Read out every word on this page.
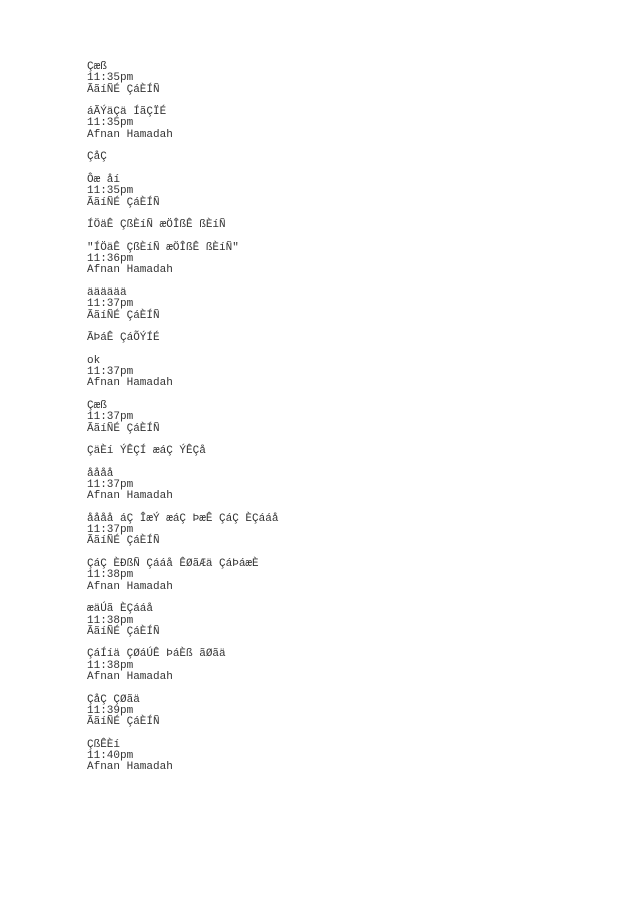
Çæß
11:35pm
ÃãíÑÉ ÇáÈÍÑ
áÃÝäÇä ÍãÇÏÉ
11:35pm
Afnan Hamadah
ÇåÇ
Ôæ åí
11:35pm
ÃãíÑÉ ÇáÈÍÑ
ÍÖäÊ ÇßÈíÑ æÖÎßÊ ßÈíÑ
"ÍÖäÊ ÇßÈíÑ æÖÎßÊ ßÈíÑ"
11:36pm
Afnan Hamadah
ääääää
11:37pm
ÃãíÑÉ ÇáÈÍÑ
ÃÞáÊ ÇáÕÝÍÉ
ok
11:37pm
Afnan Hamadah
Çæß
11:37pm
ÃãíÑÉ ÇáÈÍÑ
ÇäÈí ÝÊÇÍ æáÇ ÝÊÇå
åååå
11:37pm
Afnan Hamadah
åååå áÇ ÎæÝ æáÇ ÞæÊ ÇáÇ ÈÇááå
11:37pm
ÃãíÑÉ ÇáÈÍÑ
ÇáÇ ÈÐßÑ Çááå ÊØãÆä ÇáÞáæÈ
11:38pm
Afnan Hamadah
æäÚã ÈÇááå
11:38pm
ÃãíÑÉ ÇáÈÍÑ
ÇáÍíä ÇØáÚÊ ÞáÈß ãØãä
11:38pm
Afnan Hamadah
ÇåÇ ÇØãä
11:39pm
ÃãíÑÉ ÇáÈÍÑ
ÇßÊÈí
11:40pm
Afnan Hamadah
